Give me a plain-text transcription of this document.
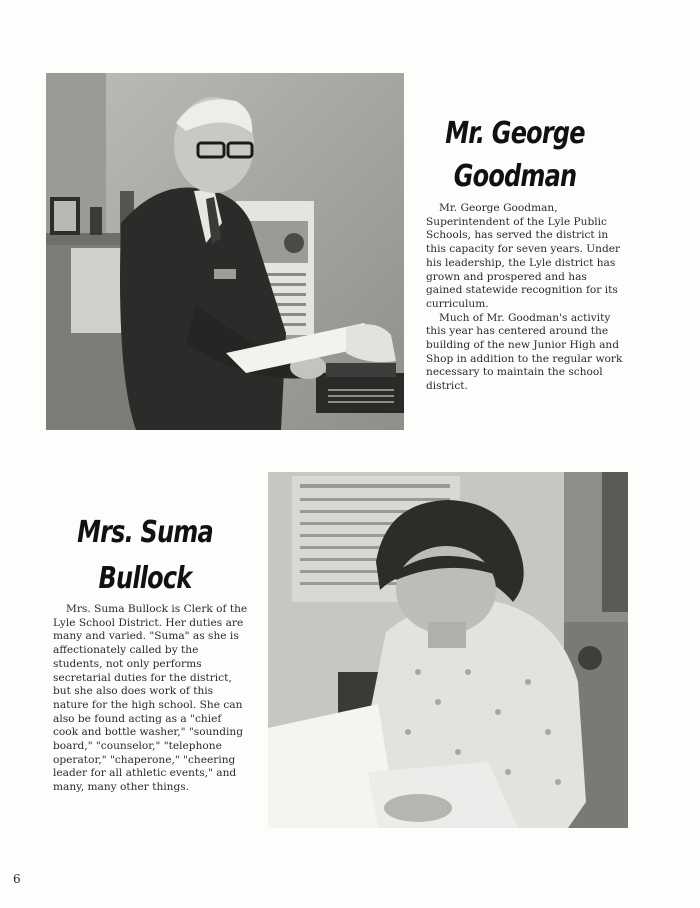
Mr. George
Goodman

Mr. George Goodman, Superintendent of the Lyle Public Schools, has served the district in this capacity for seven years. Under his leadership, the Lyle district has grown and prospered and has gained statewide recognition for its curriculum.

Much of Mr. Goodman's activity this year has centered around the building of the new Junior High and Shop in addition to the regular work necessary to maintain the school district.

Mrs. Suma
Bullock

Mrs. Suma Bullock is Clerk of the Lyle School District. Her duties are many and varied. "Suma" as she is affectionately called by the students, not only performs secretarial duties for the district, but she also does work of this nature for the high school. She can also be found acting as a "chief cook and bottle washer," "sounding board," "counselor," "telephone operator," "chaperone," "cheering leader for all athletic events," and many, many other things.

6
